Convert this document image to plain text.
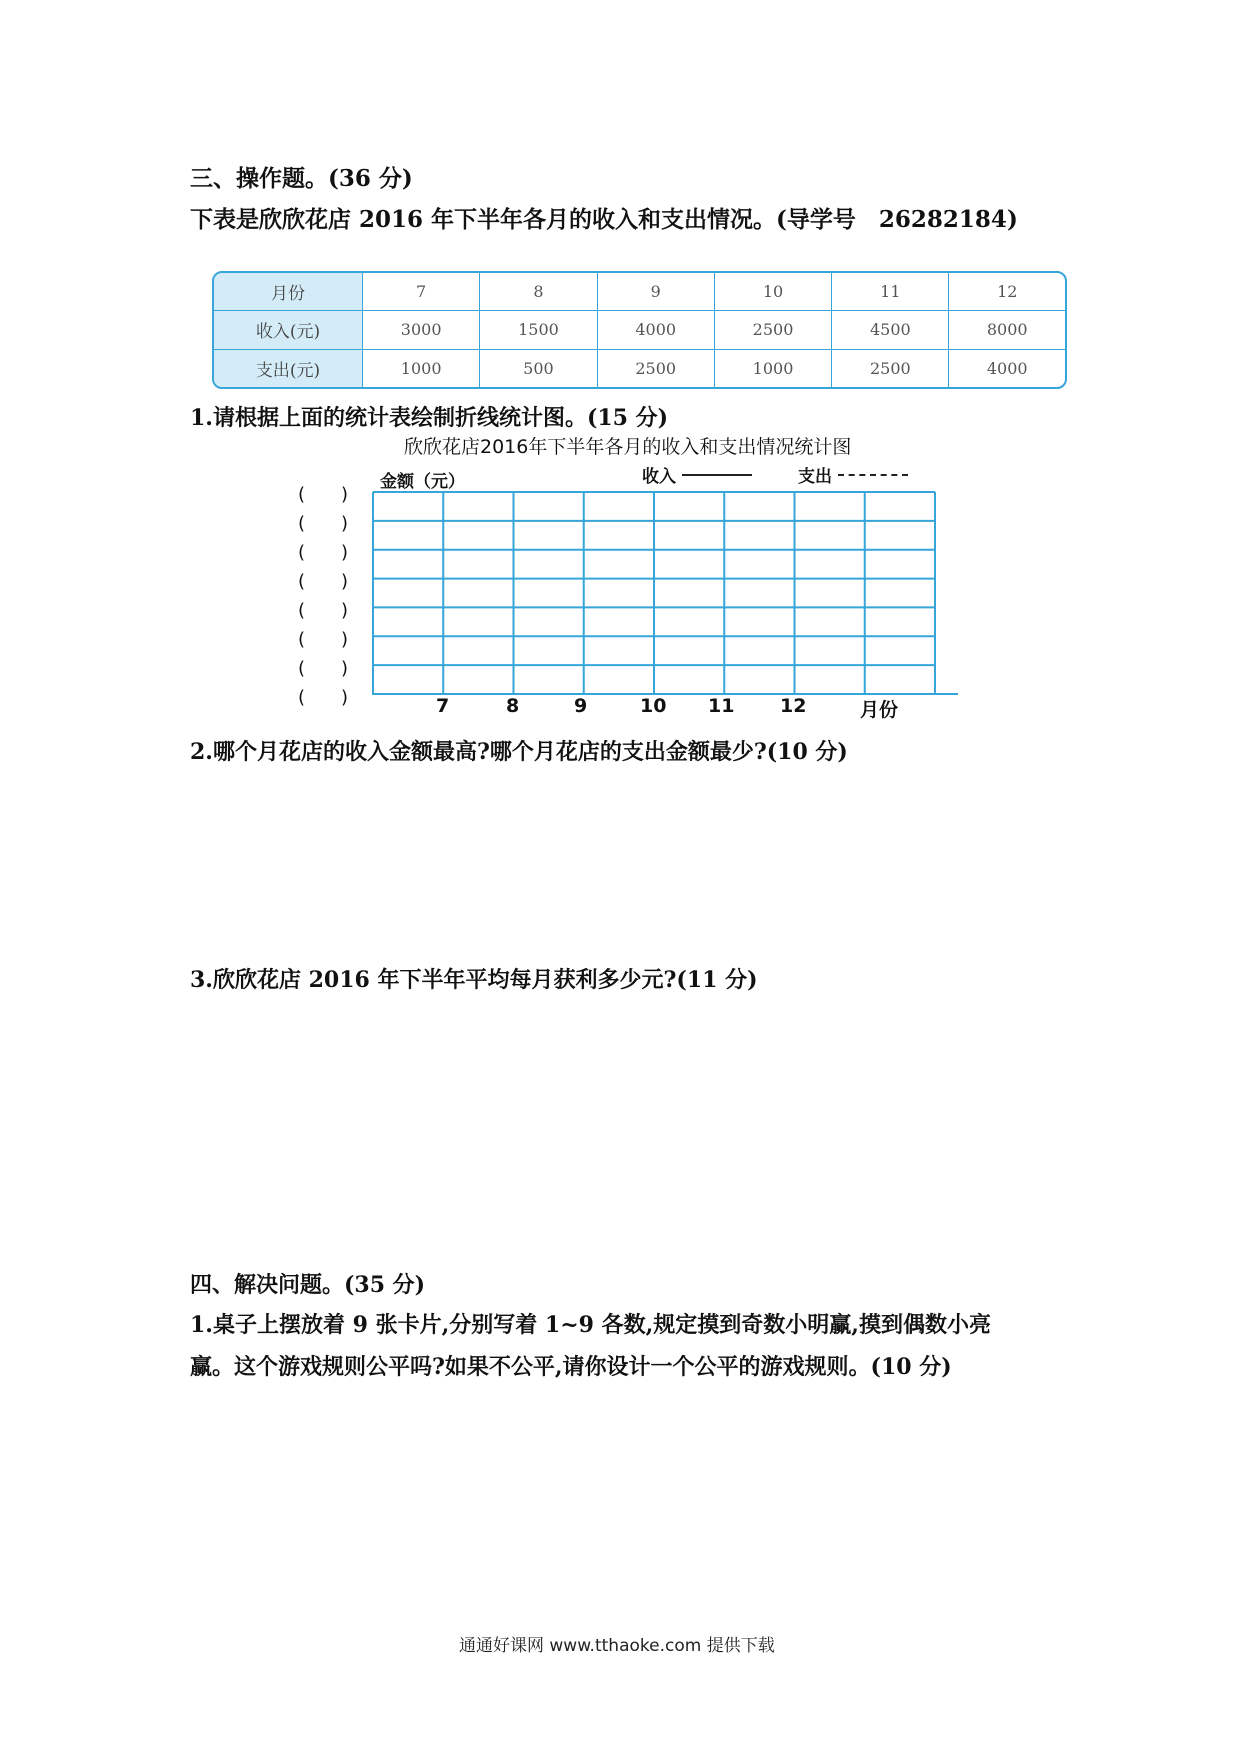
三、操作题。(36 分)
下表是欣欣花店 2016 年下半年各月的收入和支出情况。(导学号　26282184)
月份	7	8	9	10	11	12
收入(元)	3000	1500	4000	2500	4500	8000
支出(元)	1000	500	2500	1000	2500	4000
1.请根据上面的统计表绘制折线统计图。(15 分)
欣欣花店2016年下半年各月的收入和支出情况统计图
金额（元）	收入	支出
(　　)
(　　)
(　　)
(　　)
(　　)
(　　)
(　　)
(　　)	7	8	9	10 11 12	月份
2.哪个月花店的收入金额最高?哪个月花店的支出金额最少?(10 分)
3.欣欣花店 2016 年下半年平均每月获利多少元?(11 分)
四、解决问题。(35 分)
1.桌子上摆放着 9 张卡片,分别写着 1~9 各数,规定摸到奇数小明赢,摸到偶数小亮
赢。这个游戏规则公平吗?如果不公平,请你设计一个公平的游戏规则。(10 分)
通通好课网 www.tthaoke.com 提供下载
